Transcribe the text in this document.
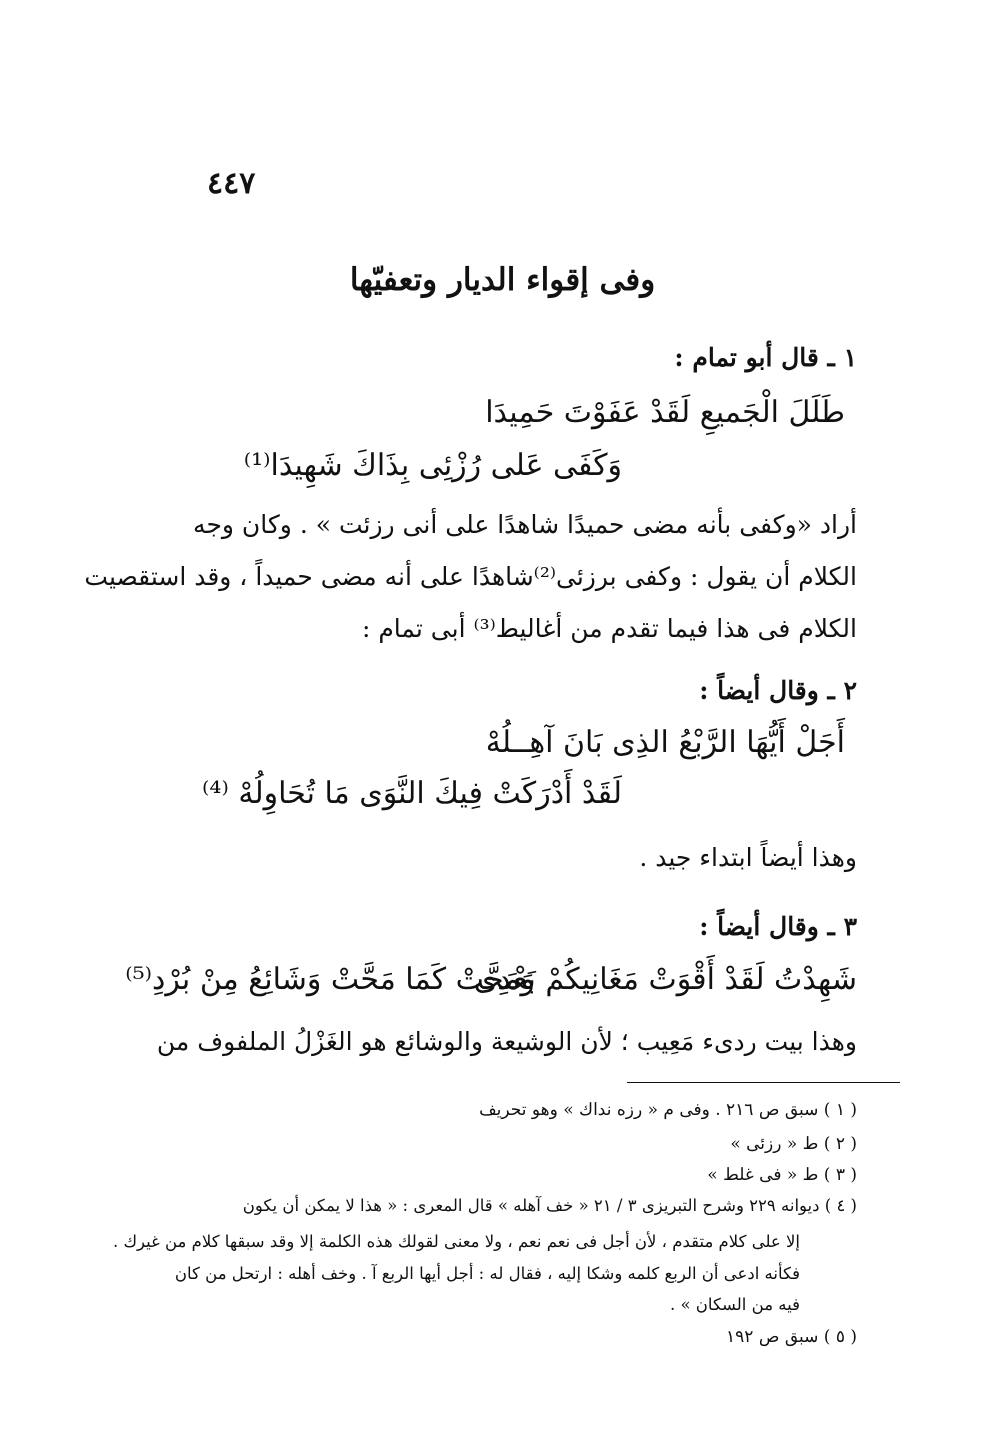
٤٤٧
وفى إقواء الديار وتعفيّها
١ ـ قال أبو تمام :
طَلَلَ الْجَميعِ لَقَدْ عَفَوْتَ حَمِيدَا
وَكَفَى عَلى رُزْئِى بِذَاكَ شَهِيدَا⁽¹⁾
أراد «وكفى بأنه مضى حميدًا شاهدًا على أنى رزئت » . وكان وجه
الكلام أن يقول : وكفى برزئى⁽²⁾شاهدًا على أنه مضى حميداً ، وقد استقصيت
الكلام فى هذا فيما تقدم من أغاليط⁽³⁾ أبى تمام :
٢ ـ وقال أيضاً :
أَجَلْ أَيُّهَا الرَّبْعُ الذِى بَانَ آهِــلُهْ
لَقَدْ أَدْرَكَتْ فِيكَ النَّوَى مَا تُحَاوِلُهْ ⁽⁴⁾
وهذا أيضاً ابتداء جيد .
٣ ـ وقال أيضاً :
شَهِدْتُ لَقَدْ أَقْوَتْ مَغَانِيكُمْ بَعْدِى
وَمَحَّتْ كَمَا مَحَّتْ وَشَائِعُ مِنْ بُرْدِ⁽⁵⁾
وهذا بيت ردىء مَعِيب ؛ لأن الوشيعة والوشائع هو الغَزْلُ الملفوف من
( ١ ) سبق ص ٢١٦ . وفى م « رزه نداك » وهو تحريف
( ٢ ) ط « رزئى »
( ٣ ) ط « فى غلط »
( ٤ ) ديوانه ٢٢٩ وشرح التبريزى ٣ / ٢١ « خف آهله » قال المعرى : « هذا لا يمكن أن يكون
إلا على كلام متقدم ، لأن أجل فى نعم نعم ، ولا معنى لقولك هذه الكلمة إلا وقد سبقها كلام من غيرك .
فكأنه ادعى أن الربع كلمه وشكا إليه ، فقال له : أجل أيها الربع آ . وخف أهله : ارتحل من كان
فيه من السكان » .
( ٥ ) سبق ص ١٩٢
